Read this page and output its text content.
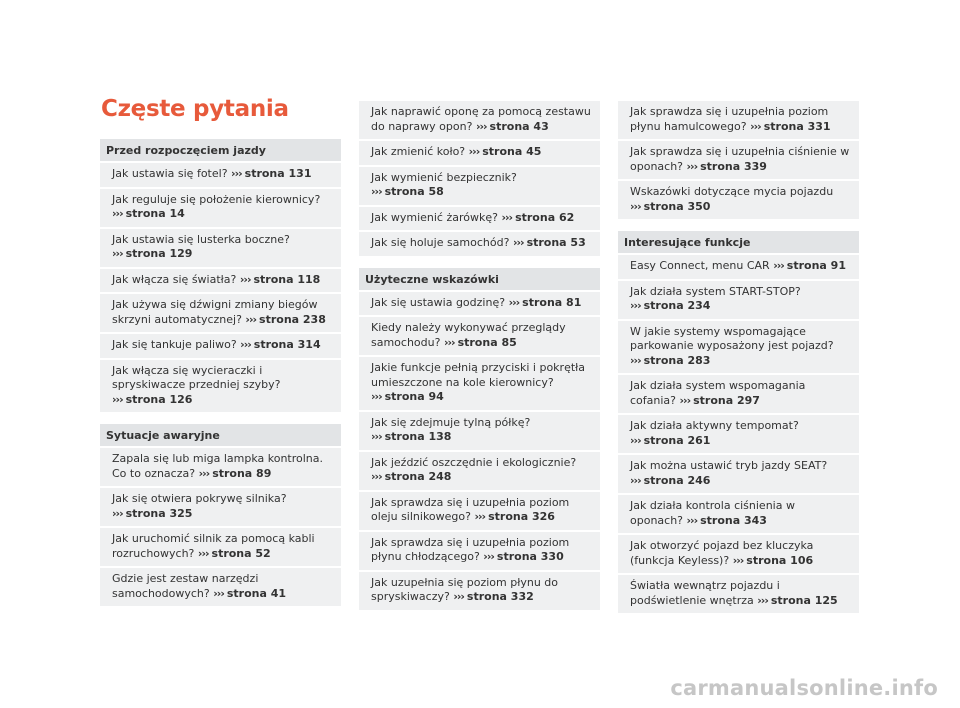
Częste pytania
Przed rozpoczęciem jazdy
Jak ustawia się fotel? ››› strona 131
Jak reguluje się położenie kierownicy? ››› strona 14
Jak ustawia się lusterka boczne? ››› strona 129
Jak włącza się światła? ››› strona 118
Jak używa się dźwigni zmiany biegów skrzyni automatycznej? ››› strona 238
Jak się tankuje paliwo? ››› strona 314
Jak włącza się wycieraczki i spryskiwacze przedniej szyby? ››› strona 126
Sytuacje awaryjne
Zapala się lub miga lampka kontrolna. Co to oznacza? ››› strona 89
Jak się otwiera pokrywę silnika? ››› strona 325
Jak uruchomić silnik za pomocą kabli rozruchowych? ››› strona 52
Gdzie jest zestaw narzędzi samochodowych? ››› strona 41
Jak naprawić oponę za pomocą zestawu do naprawy opon? ››› strona 43
Jak zmienić koło? ››› strona 45
Jak wymienić bezpiecznik? ››› strona 58
Jak wymienić żarówkę? ››› strona 62
Jak się holuje samochód? ››› strona 53
Użyteczne wskazówki
Jak się ustawia godzinę? ››› strona 81
Kiedy należy wykonywać przeglądy samochodu? ››› strona 85
Jakie funkcje pełnią przyciski i pokrętła umieszczone na kole kierownicy? ››› strona 94
Jak się zdejmuje tylną półkę? ››› strona 138
Jak jeździć oszczędnie i ekologicznie? ››› strona 248
Jak sprawdza się i uzupełnia poziom oleju silnikowego? ››› strona 326
Jak sprawdza się i uzupełnia poziom płynu chłodzącego? ››› strona 330
Jak uzupełnia się poziom płynu do spryskiwaczy? ››› strona 332
Jak sprawdza się i uzupełnia poziom płynu hamulcowego? ››› strona 331
Jak sprawdza się i uzupełnia ciśnienie w oponach? ››› strona 339
Wskazówki dotyczące mycia pojazdu ››› strona 350
Interesujące funkcje
Easy Connect, menu CAR ››› strona 91
Jak działa system START-STOP? ››› strona 234
W jakie systemy wspomagające parkowanie wyposażony jest pojazd? ››› strona 283
Jak działa system wspomagania cofania? ››› strona 297
Jak działa aktywny tempomat? ››› strona 261
Jak można ustawić tryb jazdy SEAT? ››› strona 246
Jak działa kontrola ciśnienia w oponach? ››› strona 343
Jak otworzyć pojazd bez kluczyka (funkcja Keyless)? ››› strona 106
Światła wewnątrz pojazdu i podświetlenie wnętrza ››› strona 125
carmanualsonline.info
